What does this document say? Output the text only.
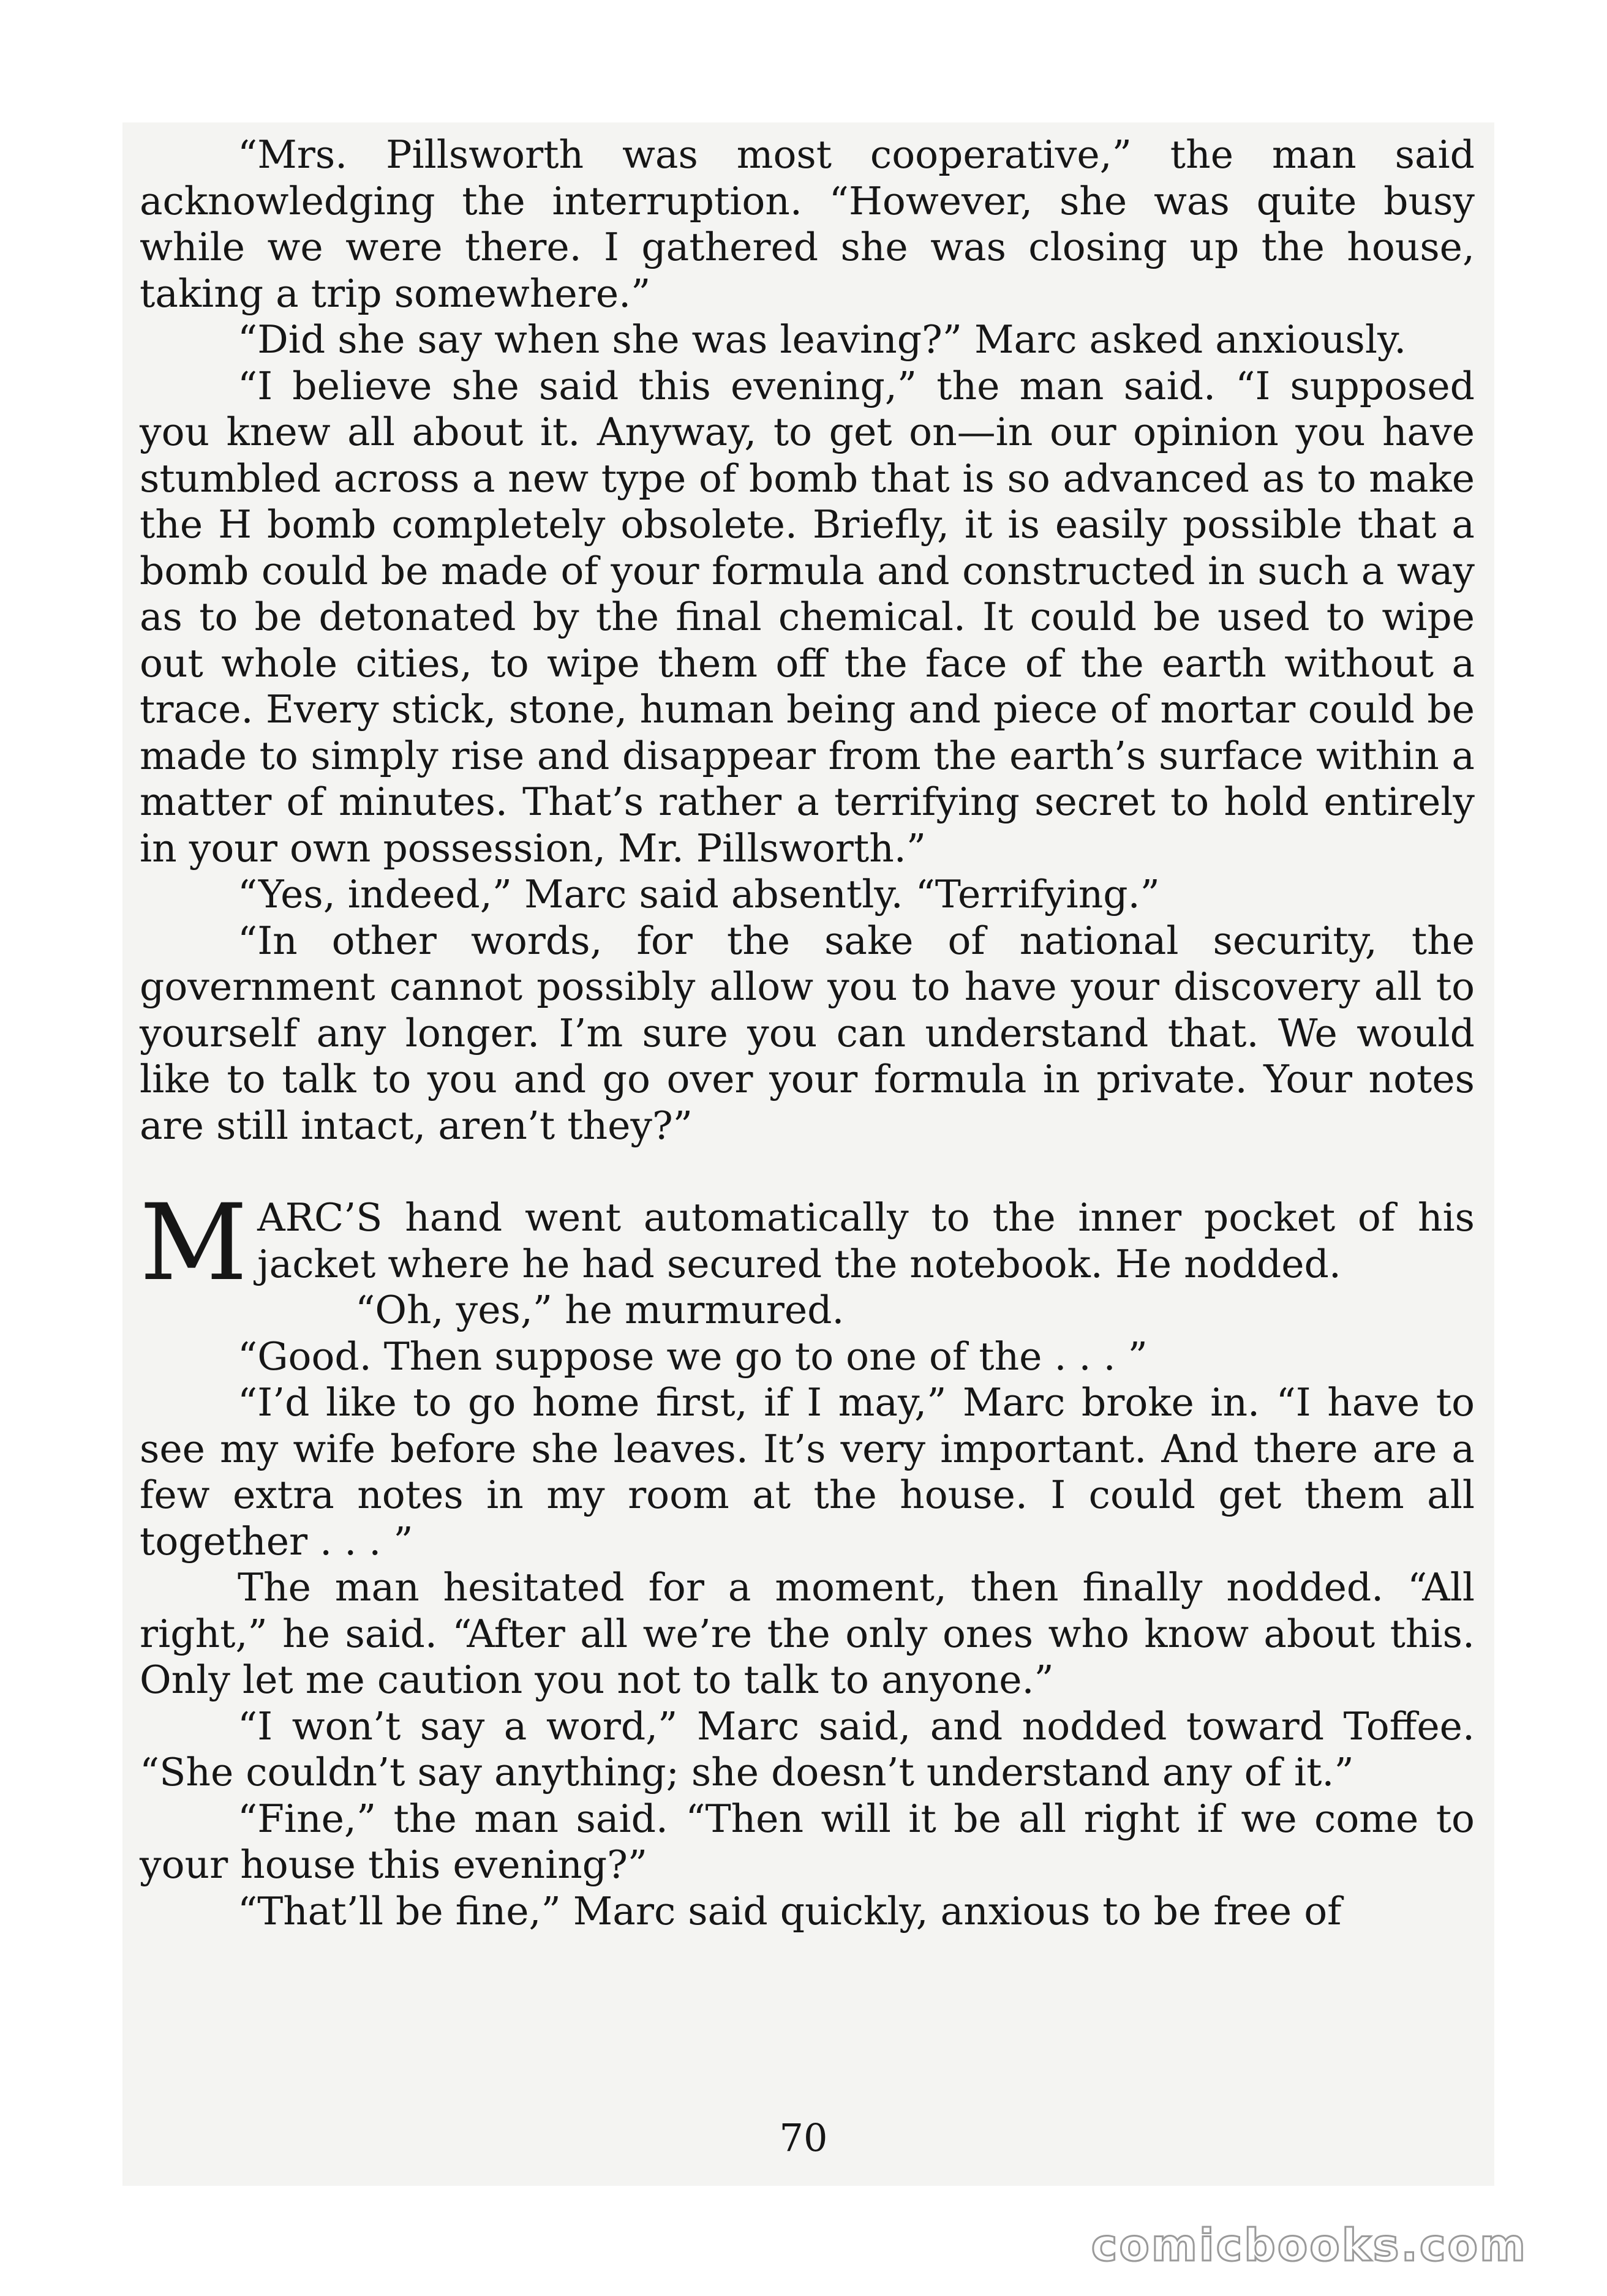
“Mrs. Pillsworth was most cooperative,” the man said acknowledging the interruption. “However, she was quite busy while we were there. I gathered she was closing up the house, taking a trip somewhere.”

“Did she say when she was leaving?” Marc asked anxiously.

“I believe she said this evening,” the man said. “I supposed you knew all about it. Anyway, to get on—in our opinion you have stumbled across a new type of bomb that is so advanced as to make the H bomb completely obsolete. Briefly, it is easily possible that a bomb could be made of your formula and constructed in such a way as to be detonated by the final chemical. It could be used to wipe out whole cities, to wipe them off the face of the earth without a trace. Every stick, stone, human being and piece of mortar could be made to simply rise and disappear from the earth’s surface within a matter of minutes. That’s rather a terrifying secret to hold entirely in your own possession, Mr. Pillsworth.”

“Yes, indeed,” Marc said absently. “Terrifying.”

“In other words, for the sake of national security, the government cannot possibly allow you to have your discovery all to yourself any longer. I’m sure you can understand that. We would like to talk to you and go over your formula in private. Your notes are still intact, aren’t they?”

MARC’S hand went automatically to the inner pocket of his jacket where he had secured the notebook. He nodded.

“Oh, yes,” he murmured.

“Good. Then suppose we go to one of the . . . ”

“I’d like to go home first, if I may,” Marc broke in. “I have to see my wife before she leaves. It’s very important. And there are a few extra notes in my room at the house. I could get them all together . . . ”

The man hesitated for a moment, then finally nodded. “All right,” he said. “After all we’re the only ones who know about this. Only let me caution you not to talk to anyone.”

“I won’t say a word,” Marc said, and nodded toward Toffee. “She couldn’t say anything; she doesn’t understand any of it.”

“Fine,” the man said. “Then will it be all right if we come to your house this evening?”

“That’ll be fine,” Marc said quickly, anxious to be free of

70
comicbooks.com
